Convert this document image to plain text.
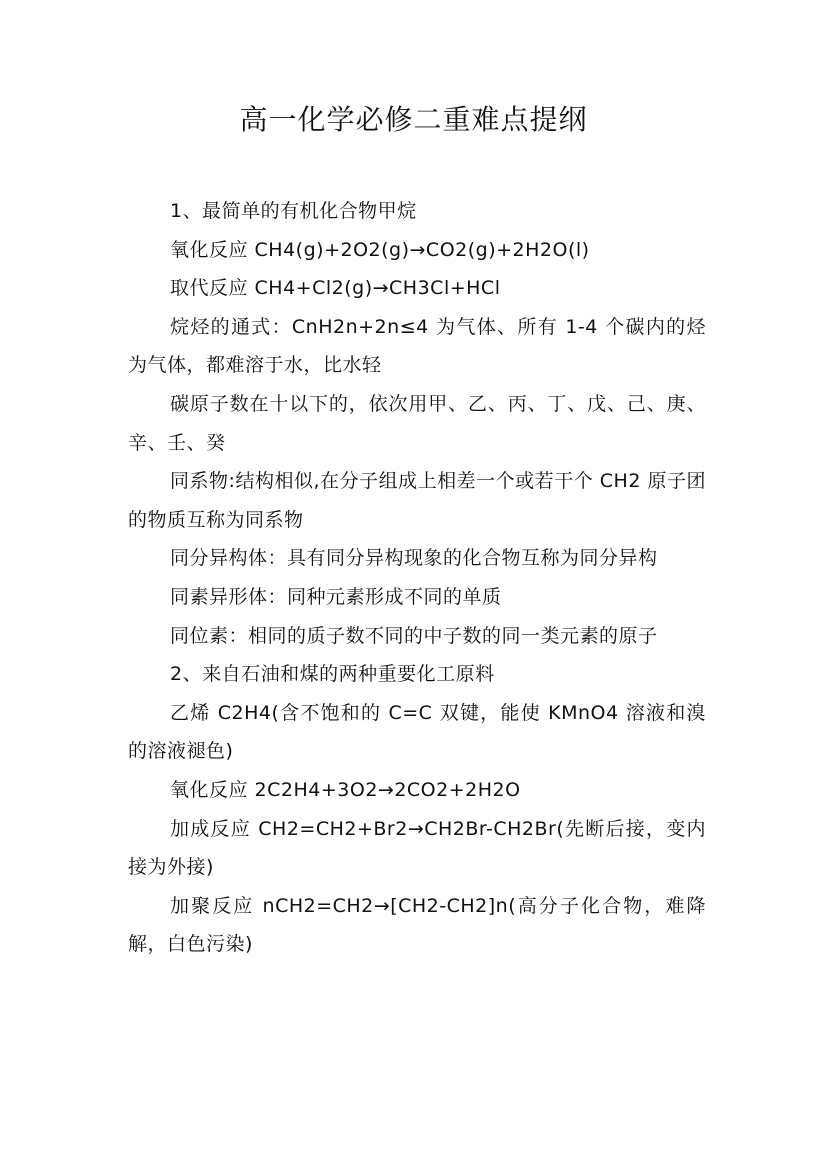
高一化学必修二重难点提纲

1、最简单的有机化合物甲烷

氧化反应 CH4(g)+2O2(g)→CO2(g)+2H2O(l)

取代反应 CH4+Cl2(g)→CH3Cl+HCl

烷烃的通式：CnH2n+2n≤4 为气体、所有 1-4 个碳内的烃为气体，都难溶于水，比水轻

碳原子数在十以下的，依次用甲、乙、丙、丁、戊、己、庚、辛、壬、癸

同系物:结构相似,在分子组成上相差一个或若干个 CH2 原子团的物质互称为同系物

同分异构体：具有同分异构现象的化合物互称为同分异构

同素异形体：同种元素形成不同的单质

同位素：相同的质子数不同的中子数的同一类元素的原子

2、来自石油和煤的两种重要化工原料

乙烯 C2H4(含不饱和的 C=C 双键，能使 KMnO4 溶液和溴的溶液褪色)

氧化反应 2C2H4+3O2→2CO2+2H2O

加成反应 CH2=CH2+Br2→CH2Br-CH2Br(先断后接，变内接为外接)

加聚反应 nCH2=CH2→[CH2-CH2]n(高分子化合物，难降解，白色污染)
